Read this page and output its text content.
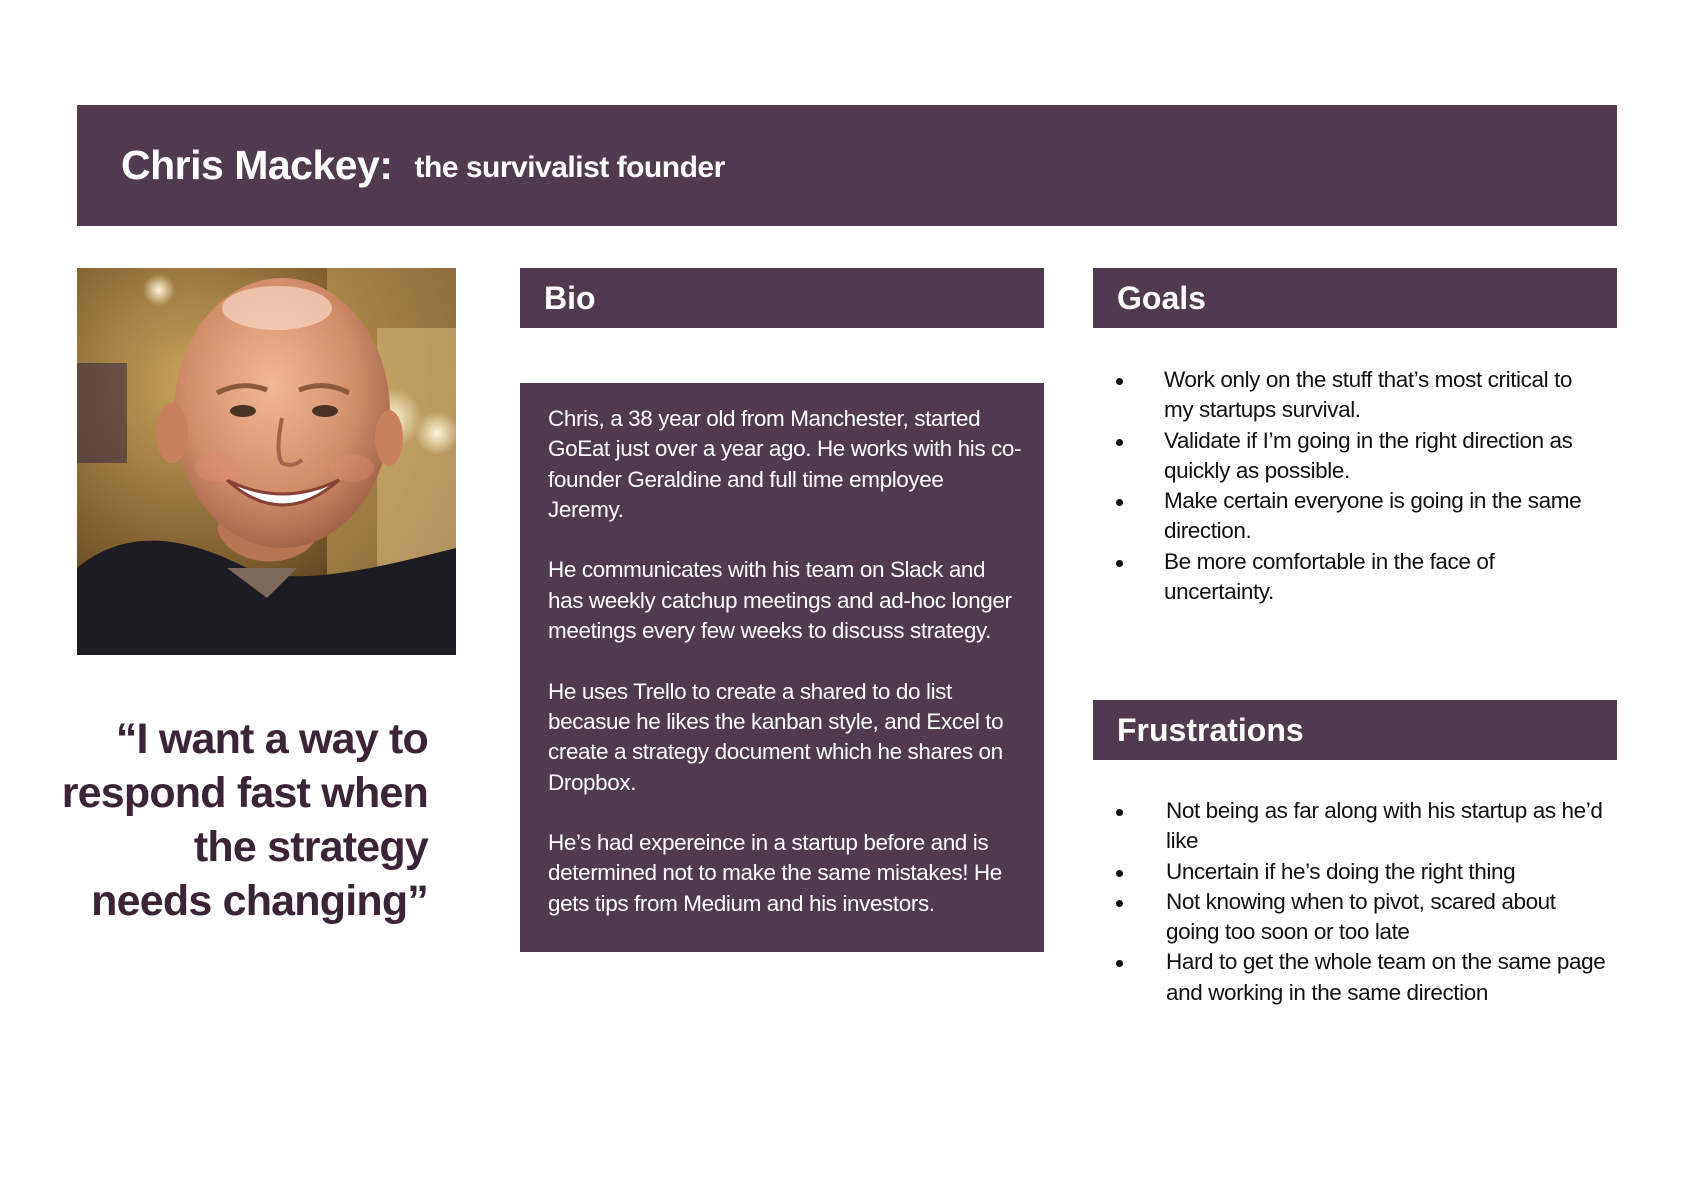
Chris Mackey: the survivalist founder
“I want a way to
respond fast when
the strategy
needs changing”
Bio

Chris, a 38 year old from Manchester, started GoEat just over a year ago. He works with his co-founder Geraldine and full time employee Jeremy.

He communicates with his team on Slack and has weekly catchup meetings and ad-hoc longer meetings every few weeks to discuss strategy.

He uses Trello to create a shared to do list becasue he likes the kanban style, and Excel to create a strategy document which he shares on Dropbox.

He’s had expereince in a startup before and is determined not to make the same mistakes! He gets tips from Medium and his investors.

Goals
Work only on the stuff that’s most critical to my startups survival.
Validate if I’m going in the right direction as quickly as possible.
Make certain everyone is going in the same direction.
Be more comfortable in the face of uncertainty.
Frustrations
Not being as far along with his startup as he’d like
Uncertain if he’s doing the right thing
Not knowing when to pivot, scared about going too soon or too late
Hard to get the whole team on the same page and working in the same direction
